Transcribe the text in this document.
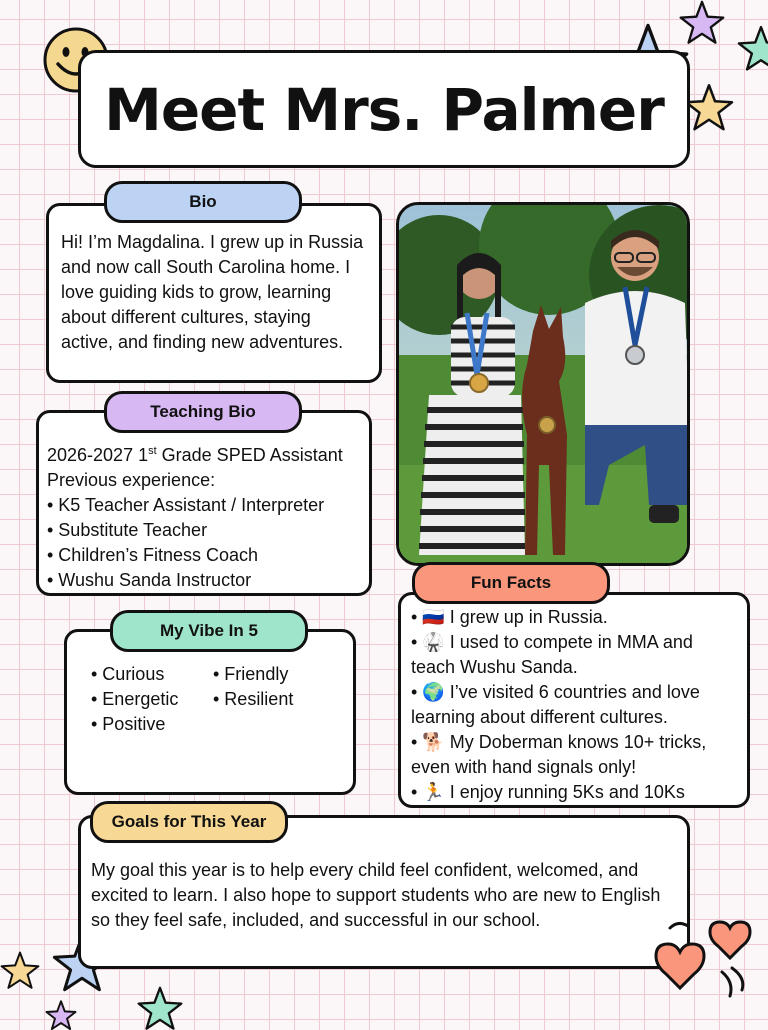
Meet Mrs. Palmer
Hi! I’m Magdalina. I grew up in Russia and now call South Carolina home. I love guiding kids to grow, learning about different cultures, staying active, and finding new adventures.
Bio
2026-2027 1st Grade SPED Assistant
Previous experience:
• K5 Teacher Assistant / Interpreter
• Substitute Teacher
• Children’s Fitness Coach
• Wushu Sanda Instructor
Teaching Bio
• Curious
• Energetic
• Positive
• Friendly
• Resilient
My Vibe In 5
• 🇷🇺 I grew up in Russia.
• 🥋 I used to compete in MMA and teach Wushu Sanda.
• 🌍 I’ve visited 6 countries and love learning about different cultures.
• 🐕 My Doberman knows 10+ tricks, even with hand signals only!
• 🏃 I enjoy running 5Ks and 10Ks
Fun Facts
My goal this year is to help every child feel confident, welcomed, and excited to learn. I also hope to support students who are new to English so they feel safe, included, and successful in our school.
Goals for This Year
